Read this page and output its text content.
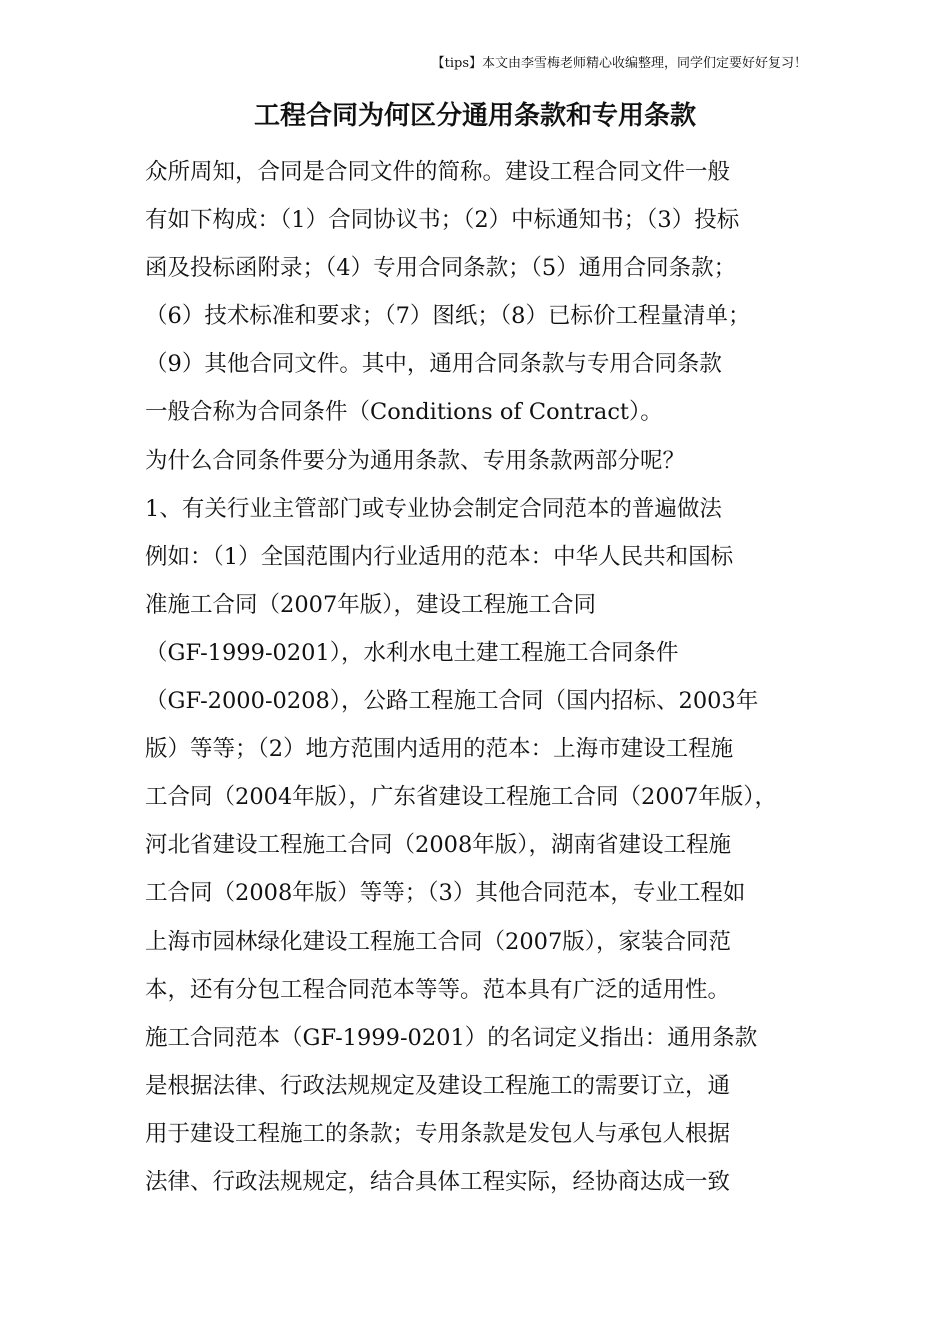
【tips】本文由李雪梅老师精心收编整理，同学们定要好好复习！
工程合同为何区分通用条款和专用条款
众所周知，合同是合同文件的简称。建设工程合同文件一般
有如下构成：（1）合同协议书；（2）中标通知书；（3）投标
函及投标函附录；（4）专用合同条款；（5）通用合同条款；
（6）技术标准和要求；（7）图纸；（8）已标价工程量清单；
（9）其他合同文件。其中，通用合同条款与专用合同条款
一般合称为合同条件（Conditions of Contract）。
为什么合同条件要分为通用条款、专用条款两部分呢？
1、有关行业主管部门或专业协会制定合同范本的普遍做法
例如：（1）全国范围内行业适用的范本：中华人民共和国标
准施工合同（2007年版），建设工程施工合同
（GF-1999-0201），水利水电土建工程施工合同条件
（GF-2000-0208），公路工程施工合同（国内招标、2003年
版）等等；（2）地方范围内适用的范本：上海市建设工程施
工合同（2004年版），广东省建设工程施工合同（2007年版），
河北省建设工程施工合同（2008年版），湖南省建设工程施
工合同（2008年版）等等；（3）其他合同范本，专业工程如
上海市园林绿化建设工程施工合同（2007版），家装合同范
本，还有分包工程合同范本等等。范本具有广泛的适用性。
施工合同范本（GF-1999-0201）的名词定义指出：通用条款
是根据法律、行政法规规定及建设工程施工的需要订立，通
用于建设工程施工的条款；专用条款是发包人与承包人根据
法律、行政法规规定，结合具体工程实际，经协商达成一致
